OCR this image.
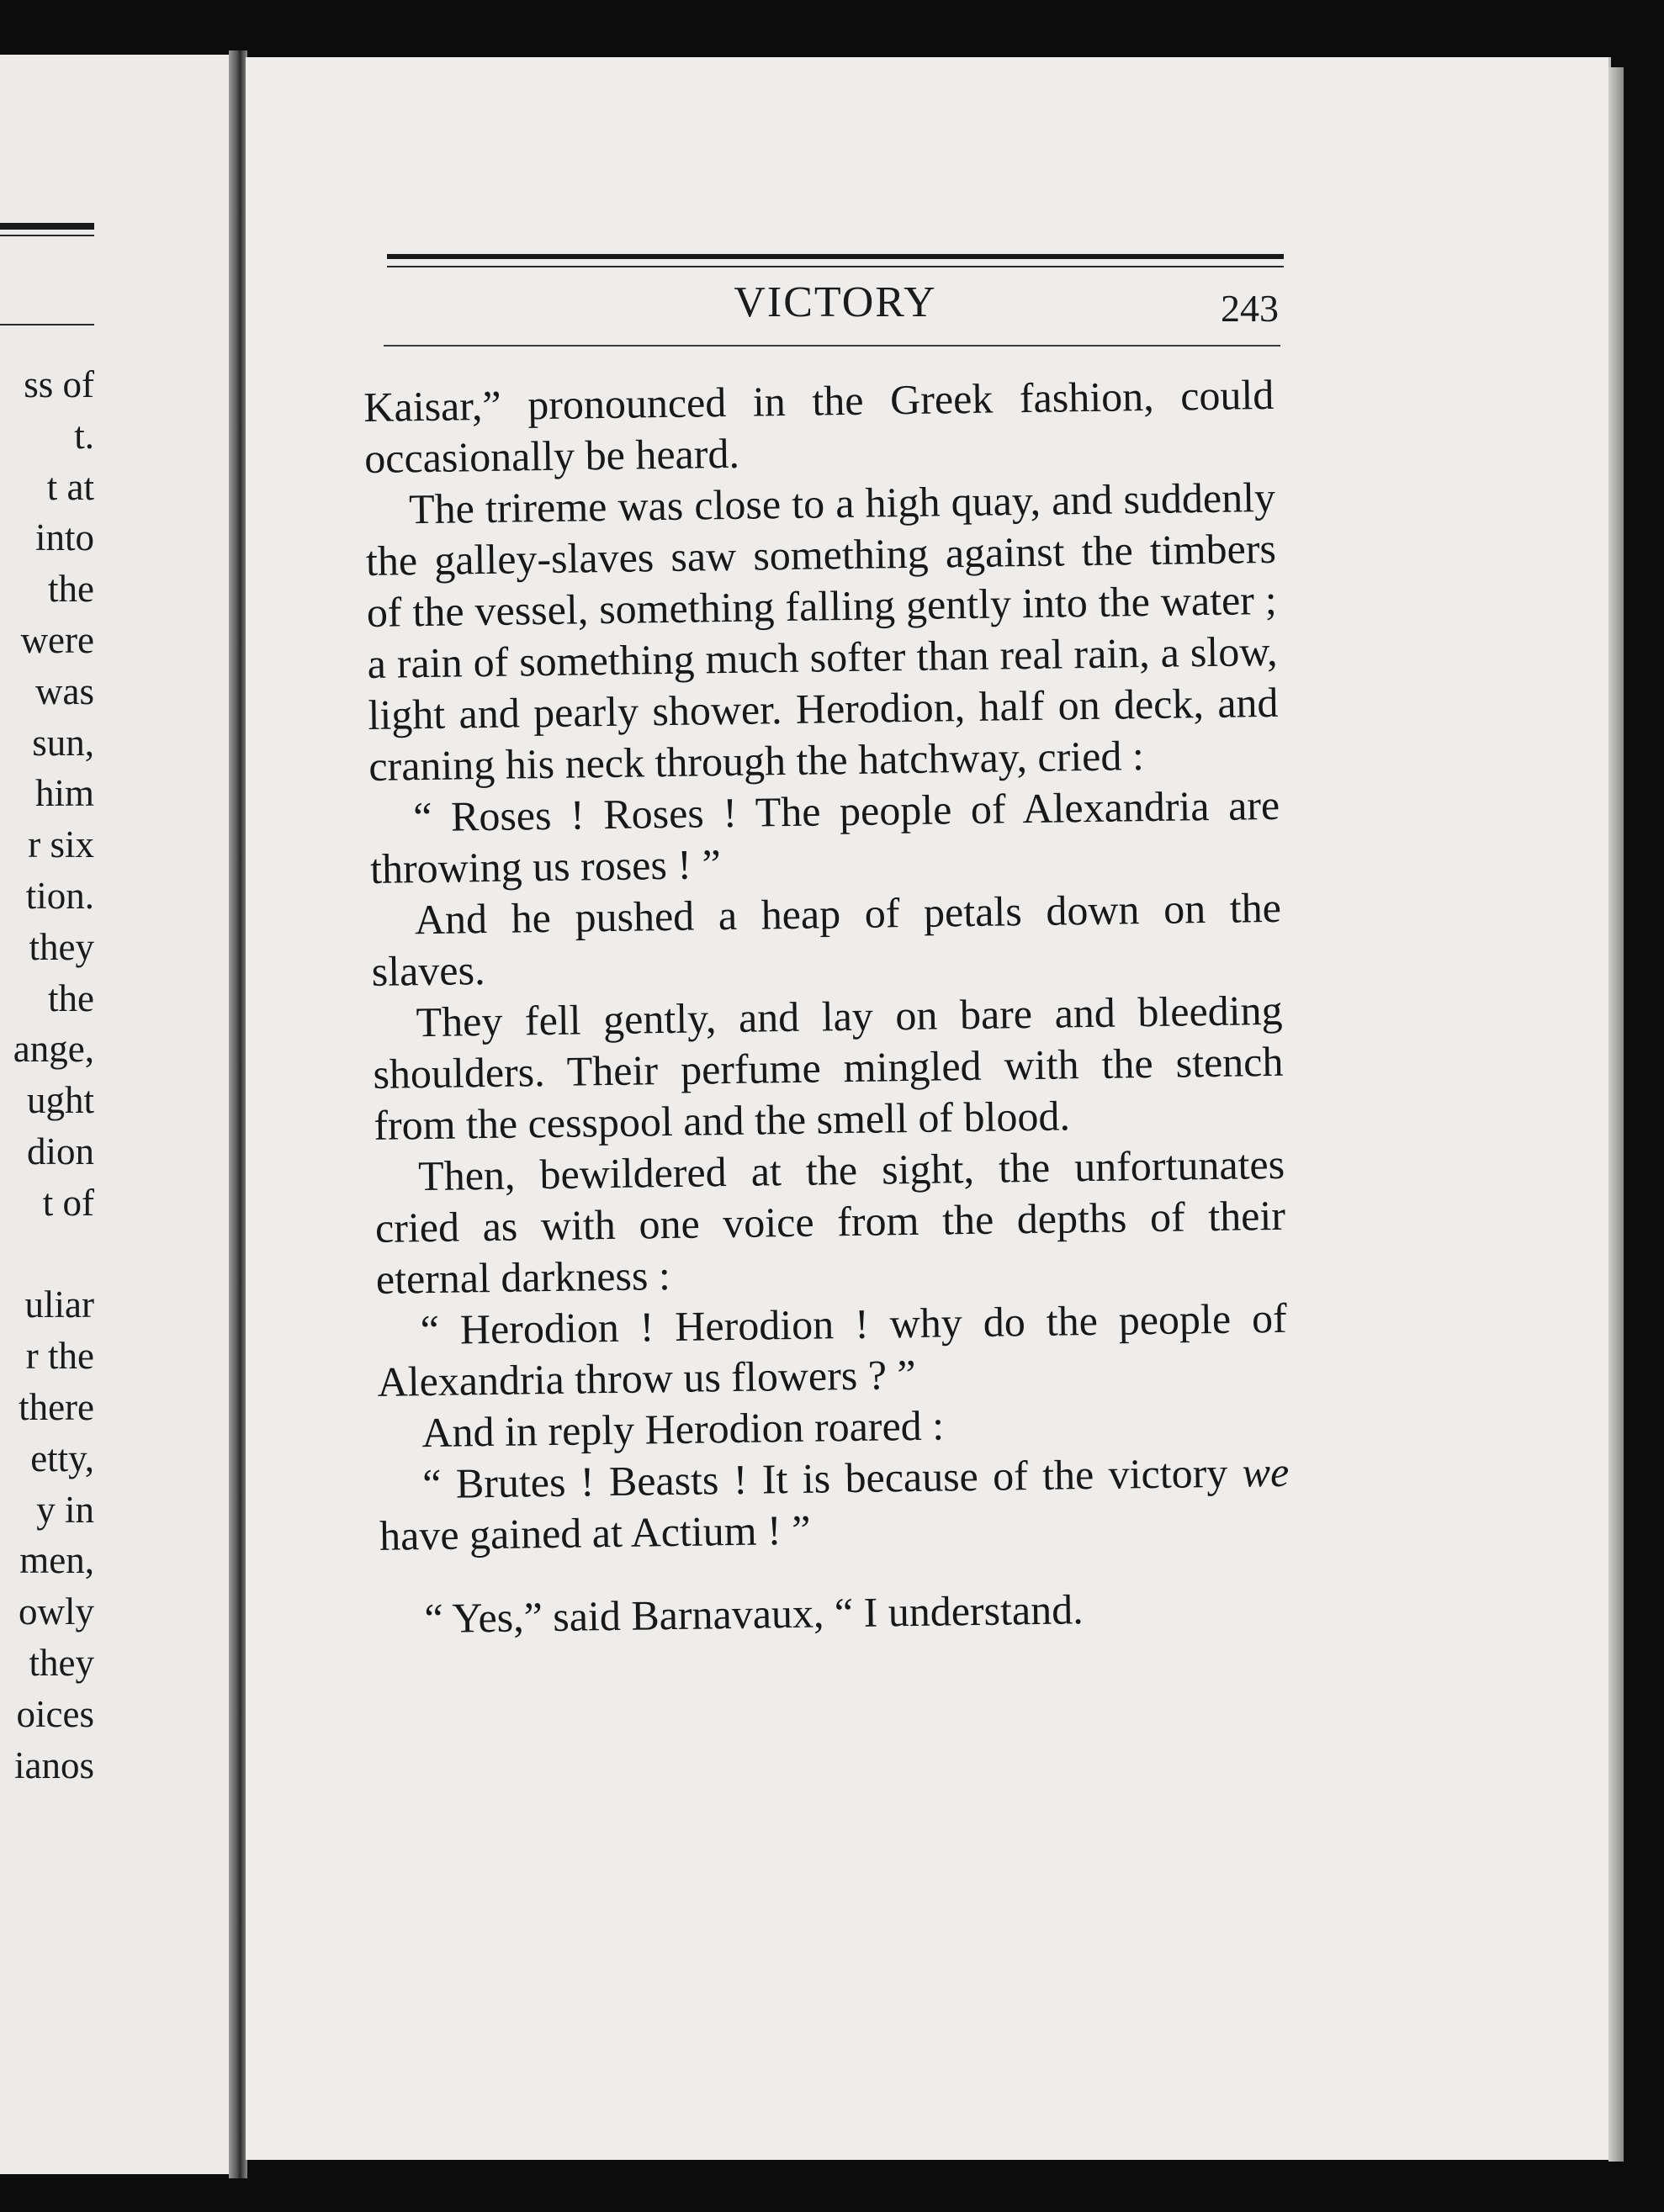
ss of
t.
t at
into
the
were
was
sun,
him
r six
tion.
they
the
ange,
ught
dion
t of
uliar
r the
there
etty,
y in
men,
owly
they
oices
ianos
VICTORY	243

Kaisar,” pronounced in the Greek fashion, could occasionally be heard.

The trireme was close to a high quay, and suddenly the galley-slaves saw something against the timbers of the vessel, something falling gently into the water ; a rain of something much softer than real rain, a slow, light and pearly shower. Herodion, half on deck, and craning his neck through the hatchway, cried :

“ Roses ! Roses ! The people of Alexandria are throwing us roses ! ”

And he pushed a heap of petals down on the slaves.

They fell gently, and lay on bare and bleeding shoulders. Their perfume mingled with the stench from the cesspool and the smell of blood.

Then, bewildered at the sight, the unfortunates cried as with one voice from the depths of their eternal darkness :

“ Herodion ! Herodion ! why do the people of Alexandria throw us flowers ? ”

And in reply Herodion roared :

“ Brutes ! Beasts ! It is because of the victory we have gained at Actium ! ”

“ Yes,” said Barnavaux, “ I understand.
